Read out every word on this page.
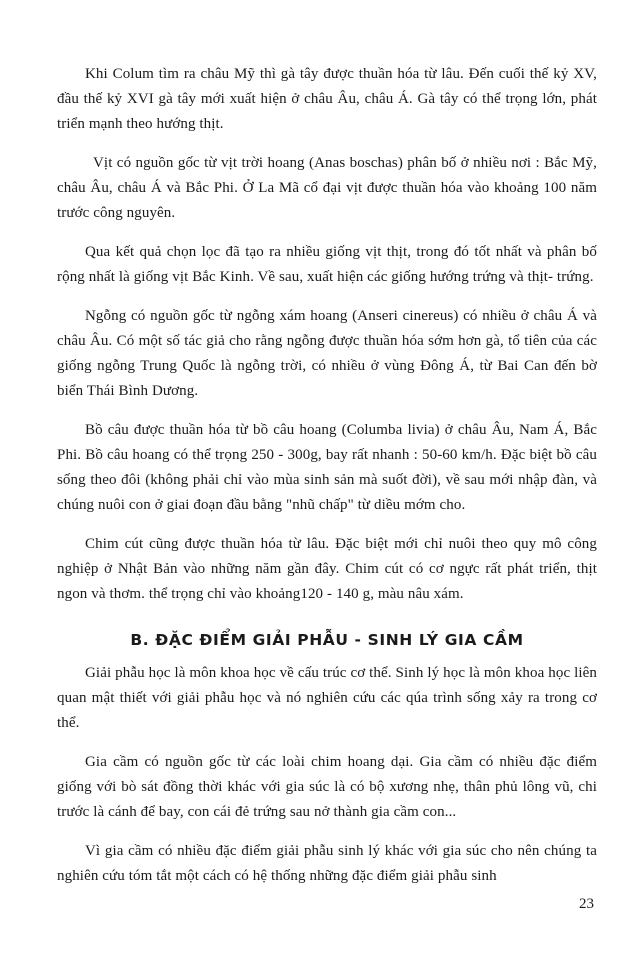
Khi Colum tìm ra châu Mỹ thì gà tây được thuần hóa từ lâu. Đến cuối thế kỷ XV, đầu thế kỷ XVI gà tây mới xuất hiện ở châu Âu, châu Á. Gà tây có thể trọng lớn, phát triển mạnh theo hướng thịt.

Vịt có nguồn gốc từ vịt trời hoang (Anas boschas) phân bố ở nhiều nơi : Bắc Mỹ, châu Âu, châu Á và Bắc Phi. Ở La Mã cổ đại vịt được thuần hóa vào khoảng 100 năm trước công nguyên.

Qua kết quả chọn lọc đã tạo ra nhiều giống vịt thịt, trong đó tốt nhất và phân bố rộng nhất là giống vịt Bắc Kinh. Về sau, xuất hiện các giống hướng trứng và thịt- trứng.

Ngỗng có nguồn gốc từ ngỗng xám hoang (Anseri cinereus) có nhiều ở châu Á và châu Âu. Có một số tác giả cho rằng ngỗng được thuần hóa sớm hơn gà, tổ tiên của các giống ngỗng Trung Quốc là ngỗng trời, có nhiều ở vùng Đông Á, từ Bai Can đến bờ biển Thái Bình Dương.

Bồ câu được thuần hóa từ bồ câu hoang (Columba livia) ở châu Âu, Nam Á, Bắc Phi. Bồ câu hoang có thể trọng 250 - 300g, bay rất nhanh : 50-60 km/h. Đặc biệt bồ câu sống theo đôi (không phải chỉ vào mùa sinh sản mà suốt đời), về sau mới nhập đàn, và chúng nuôi con ở giai đoạn đầu bằng "nhũ chấp" từ diều mớm cho.

Chim cút cũng được thuần hóa từ lâu. Đặc biệt mới chỉ nuôi theo quy mô công nghiệp ở Nhật Bản vào những năm gần đây. Chim cút có cơ ngực rất phát triển, thịt ngon và thơm. thể trọng chỉ vào khoảng120 - 140 g, màu nâu xám.

B. ĐẶC ĐIỂM GIẢI PHẪU - SINH LÝ GIA CẦM

Giải phẫu học là môn khoa học về cấu trúc cơ thể. Sinh lý học là môn khoa học liên quan mật thiết với giải phẫu học và nó nghiên cứu các qúa trình sống xảy ra trong cơ thể.

Gia cầm có nguồn gốc từ các loài chim hoang dại. Gia cầm có nhiều đặc điểm giống với bò sát đồng thời khác với gia súc là có bộ xương nhẹ, thân phủ lông vũ, chi trước là cánh để bay, con cái đẻ trứng sau nở thành gia cầm con...

Vì gia cầm có nhiều đặc điểm giải phẫu sinh lý khác với gia súc cho nên chúng ta nghiên cứu tóm tắt một cách có hệ thống những đặc điểm giải phẫu sinh

23
